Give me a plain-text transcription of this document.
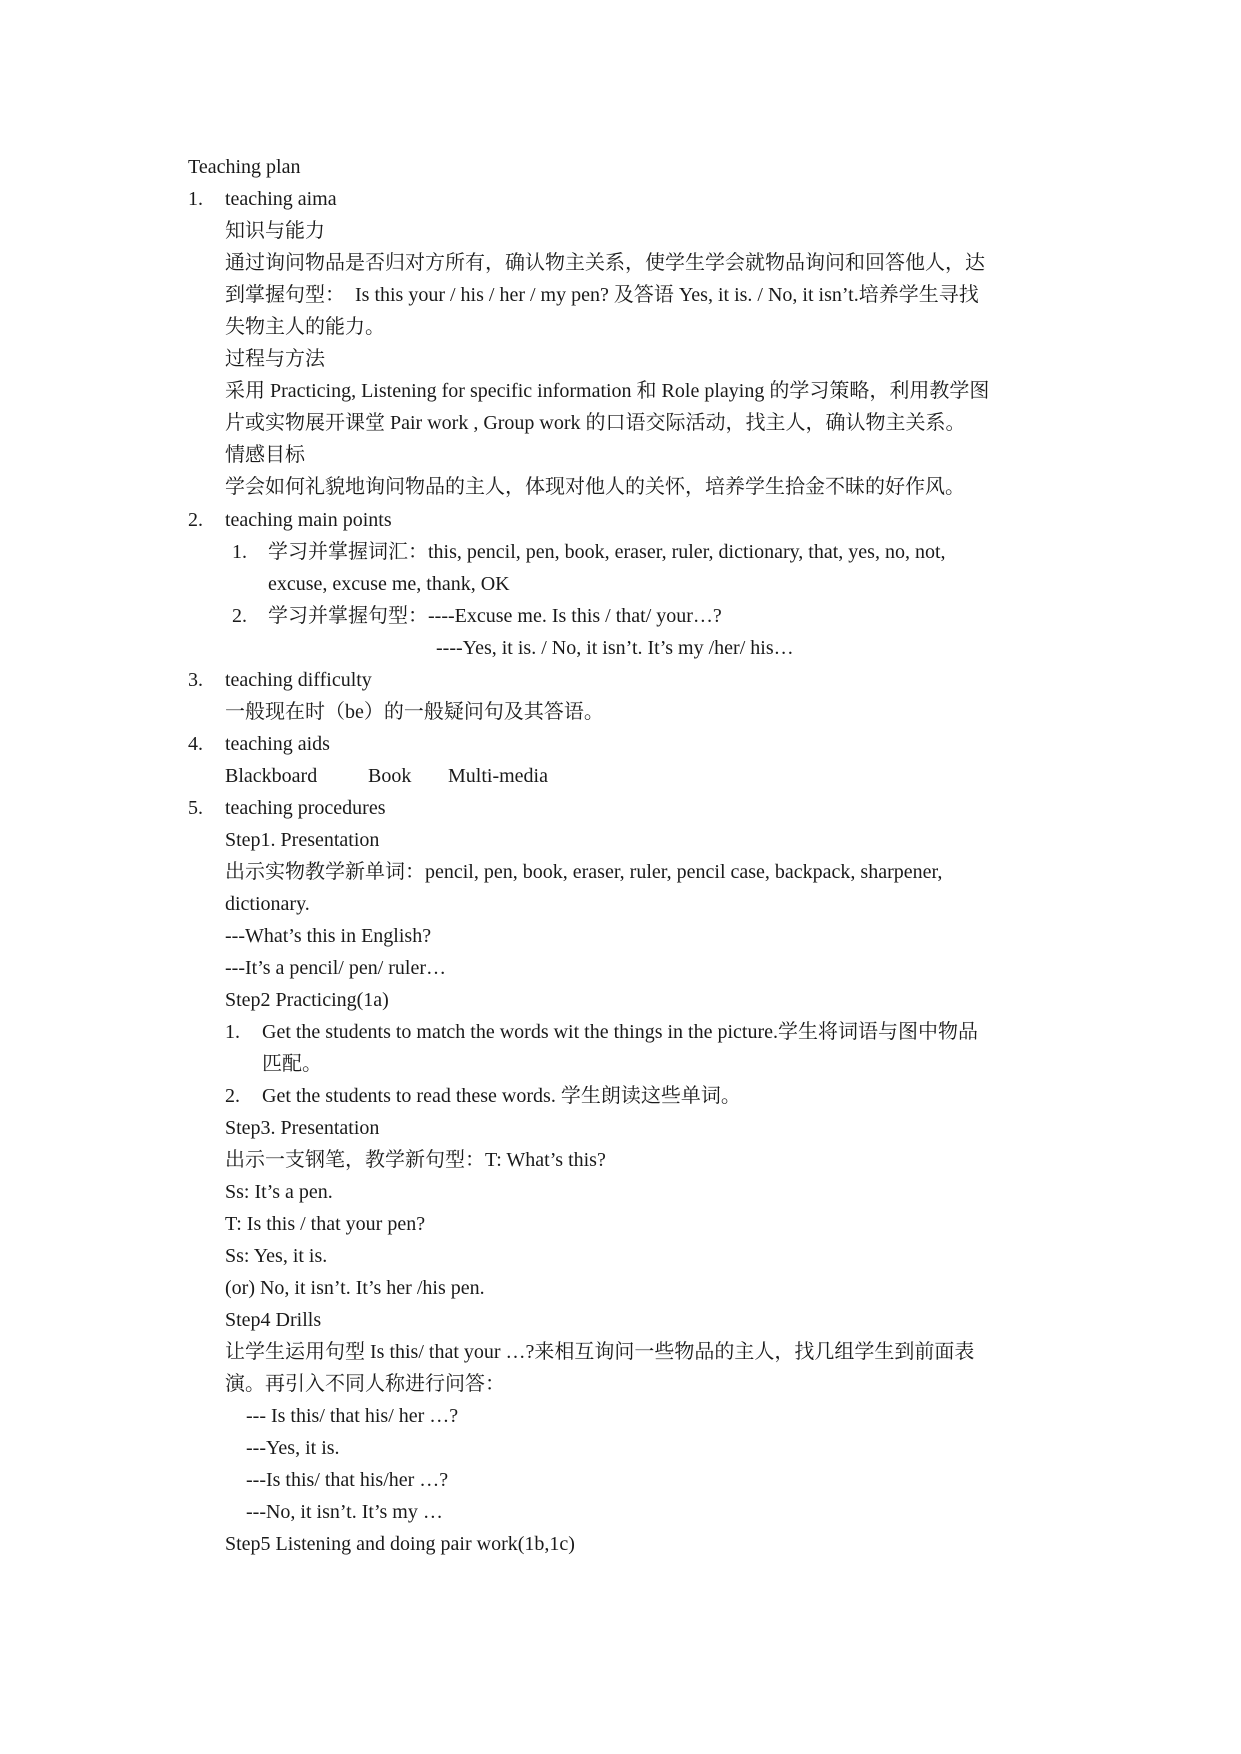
Teaching plan
1. teaching aima
知识与能力
通过询问物品是否归对方所有，确认物主关系，使学生学会就物品询问和回答他人，达
到掌握句型：　Is this your / his / her / my pen? 及答语 Yes, it is. / No, it isn’t.培养学生寻找
失物主人的能力。
过程与方法
采用 Practicing, Listening for specific information 和 Role playing 的学习策略，利用教学图
片或实物展开课堂 Pair work , Group work 的口语交际活动，找主人，确认物主关系。
情感目标
学会如何礼貌地询问物品的主人，体现对他人的关怀，培养学生拾金不昧的好作风。
2. teaching main points
1. 学习并掌握词汇：this, pencil, pen, book, eraser, ruler, dictionary, that, yes, no, not,
excuse, excuse me, thank, OK
2. 学习并掌握句型：----Excuse me. Is this / that/ your…?
----Yes, it is. / No, it isn’t. It’s my /her/ his…
3. teaching difficulty
一般现在时（be）的一般疑问句及其答语。
4. teaching aids
Blackboard	Book Multi-media
5. teaching procedures
Step1. Presentation
出示实物教学新单词：pencil, pen, book, eraser, ruler, pencil case, backpack, sharpener,
dictionary.
---What’s this in English?
---It’s a pencil/ pen/ ruler…
Step2 Practicing(1a)
1. Get the students to match the words wit the things in the picture.学生将词语与图中物品
匹配。
2. Get the students to read these words. 学生朗读这些单词。
Step3. Presentation
出示一支钢笔，教学新句型：T: What’s this?
Ss: It’s a pen.
T: Is this / that your pen?
Ss: Yes, it is.
(or) No, it isn’t. It’s her /his pen.
Step4 Drills
让学生运用句型 Is this/ that your …?来相互询问一些物品的主人，找几组学生到前面表
演。再引入不同人称进行问答：
--- Is this/ that his/ her …?
---Yes, it is.
---Is this/ that his/her …?
---No, it isn’t. It’s my …
Step5 Listening and doing pair work(1b,1c)
